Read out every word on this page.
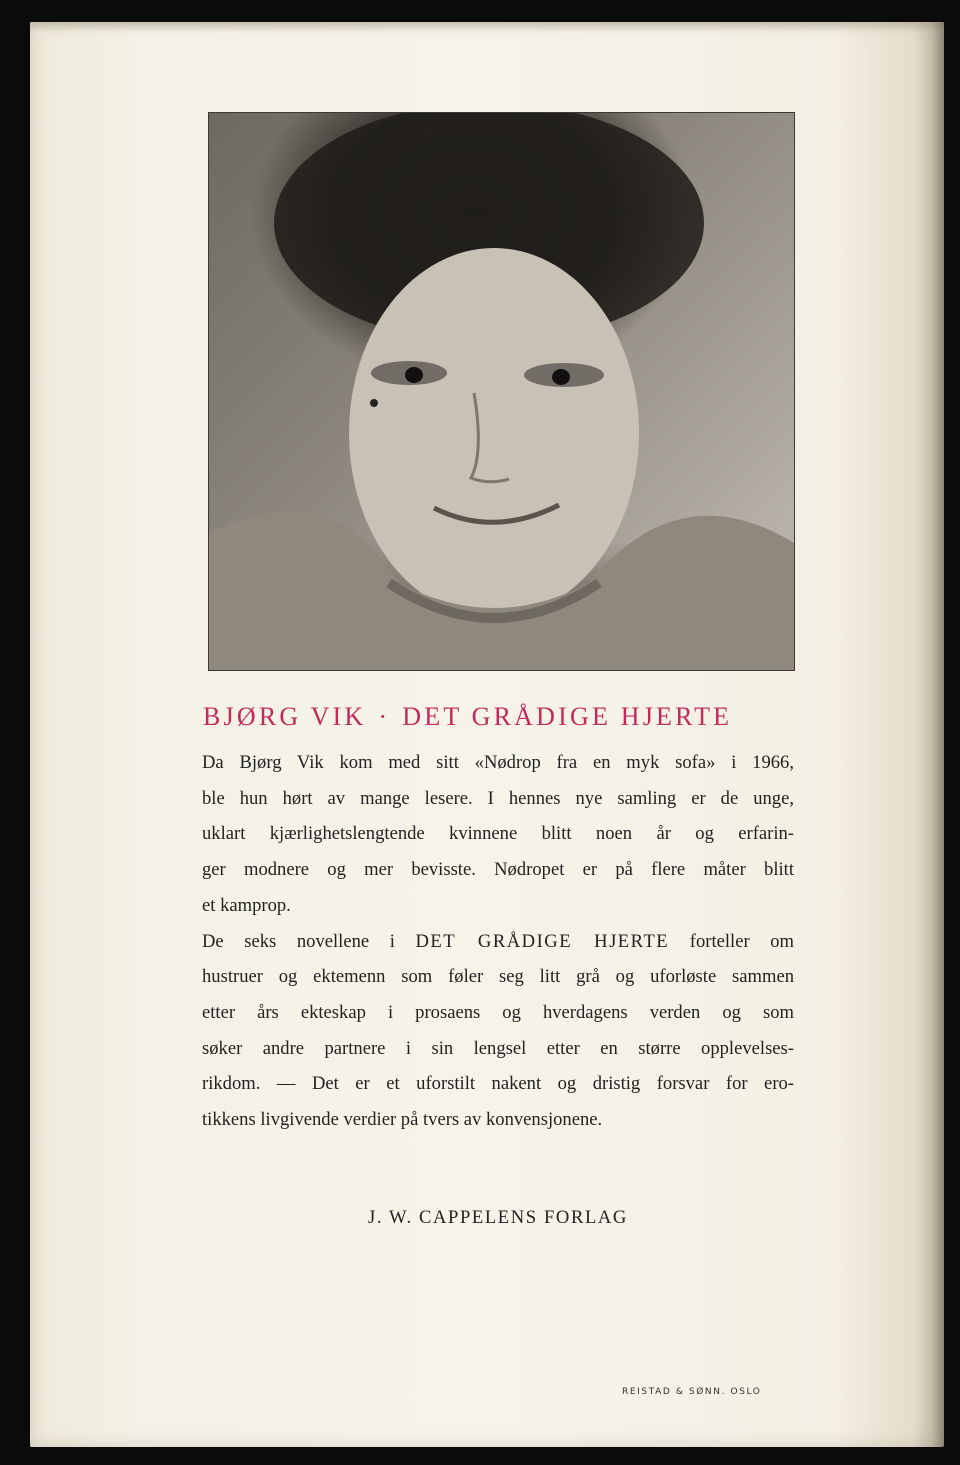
BJØRG VIK · DET GRÅDIGE HJERTE

Da Bjørg Vik kom med sitt «Nødrop fra en myk sofa» i 1966,
ble hun hørt av mange lesere. I hennes nye samling er de unge,
uklart kjærlighetslengtende kvinnene blitt noen år og erfarin-
ger modnere og mer bevisste. Nødropet er på flere måter blitt
et kamprop.

De seks novellene i DET GRÅDIGE HJERTE forteller om
hustruer og ektemenn som føler seg litt grå og uforløste sammen
etter års ekteskap i prosaens og hverdagens verden og som
søker andre partnere i sin lengsel etter en større opplevelses-
rikdom. — Det er et uforstilt nakent og dristig forsvar for ero-
tikkens livgivende verdier på tvers av konvensjonene.

J. W. CAPPELENS FORLAG
REISTAD & SØNN. OSLO
